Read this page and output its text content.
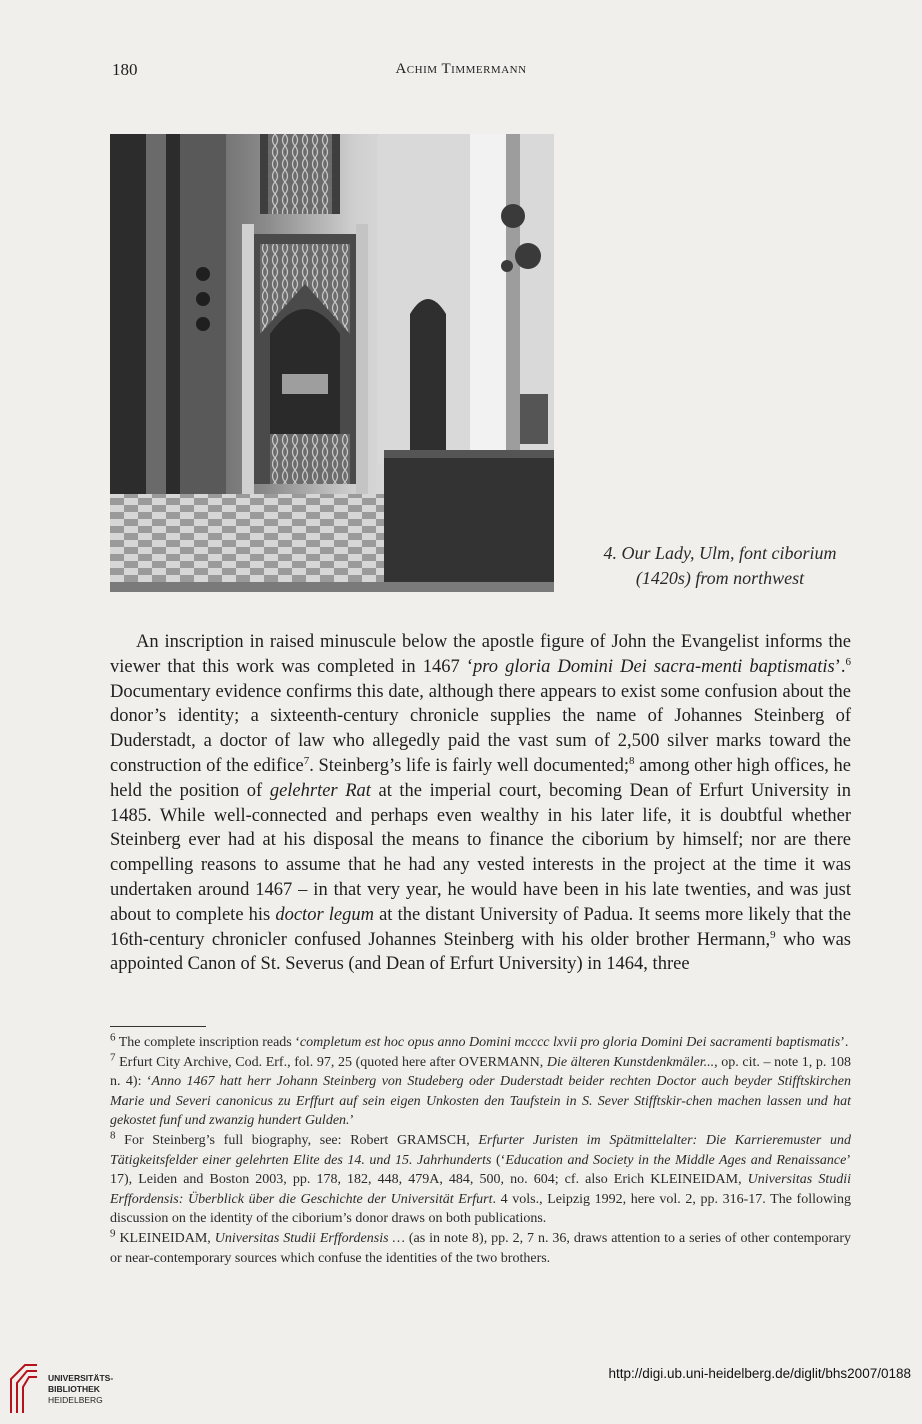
180	Achim Timmermann
4. Our Lady, Ulm, font ciborium
(1420s) from northwest

An inscription in raised minuscule below the apostle figure of John the Evangelist informs the viewer that this work was completed in 1467 ‘pro gloria Domini Dei sacra-menti baptismatis’.$^6$ Documentary evidence confirms this date, although there appears to exist some confusion about the donor’s identity; a sixteenth-century chronicle supplies the name of Johannes Steinberg of Duderstadt, a doctor of law who allegedly paid the vast sum of 2,500 silver marks toward the construction of the edifice$^7$. Steinberg’s life is fairly well documented;$^8$ among other high offices, he held the position of gelehrter Rat at the imperial court, becoming Dean of Erfurt University in 1485. While well-connected and perhaps even wealthy in his later life, it is doubtful whether Steinberg ever had at his disposal the means to finance the ciborium by himself; nor are there compelling reasons to assume that he had any vested interests in the project at the time it was undertaken around 1467 – in that very year, he would have been in his late twenties, and was just about to complete his doctor legum at the distant University of Padua. It seems more likely that the 16th-century chronicler confused Johannes Steinberg with his older brother Hermann,$^9$ who was appointed Canon of St. Severus (and Dean of Erfurt University) in 1464, three

$^6$ The complete inscription reads ‘completum est hoc opus anno Domini mcccc lxvii pro gloria Domini Dei sacramenti baptismatis’.

$^7$ Erfurt City Archive, Cod. Erf., fol. 97, 25 (quoted here after OVERMANN, Die älteren Kunstdenkmäler..., op. cit. – note 1, p. 108 n. 4): ‘Anno 1467 hatt herr Johann Steinberg von Studeberg oder Duderstadt beider rechten Doctor auch beyder Stifftskirchen Marie und Severi canonicus zu Erffurt auf sein eigen Unkosten den Taufstein in S. Sever Stifftskir-chen machen lassen und hat gekostet funf und zwanzig hundert Gulden.’

$^8$ For Steinberg’s full biography, see: Robert GRAMSCH, Erfurter Juristen im Spätmittelalter: Die Karrieremuster und Tätigkeitsfelder einer gelehrten Elite des 14. und 15. Jahrhunderts (‘Education and Society in the Middle Ages and Renaissance’ 17), Leiden and Boston 2003, pp. 178, 182, 448, 479A, 484, 500, no. 604; cf. also Erich KLEINEIDAM, Universitas Studii Erffordensis: Überblick über die Geschichte der Universität Erfurt. 4 vols., Leipzig 1992, here vol. 2, pp. 316-17. The following discussion on the identity of the ciborium’s donor draws on both publications.

$^9$ KLEINEIDAM, Universitas Studii Erffordensis … (as in note 8), pp. 2, 7 n. 36, draws attention to a series of other contemporary or near-contemporary sources which confuse the identities of the two brothers.

UNIVERSITÄTS-
BIBLIOTHEK
HEIDELBERG
http://digi.ub.uni-heidelberg.de/diglit/bhs2007/0188
